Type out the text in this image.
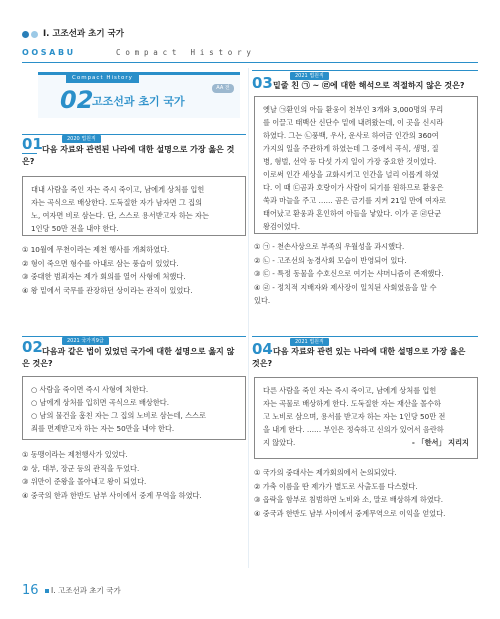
Ⅰ. 고조선과 초기 국가
OOSABU	Compact History
Compact History
02
고조선과 초기 국가
AA 전
01	2020 법원직
다음 자료와 관련된 나라에 대한 설명으로 가장 옳은 것
은?
대내 사람을 죽인 자는 즉시 죽이고, 남에게 상처를 입힌
자는 곡식으로 배상한다. 도둑질한 자가 남자면 그 집의
노, 여자면 비로 삼는다. 단, 스스로 용서받고자 하는 자는
1인당 50만 전을 내야 한다.
① 10월에 무천이라는 제천 행사를 개최하였다.
② 형이 죽으면 형수를 아내로 삼는 풍습이 있었다.
③ 중대한 범죄자는 제가 회의를 열어 사형에 처했다.
④ 왕 밑에서 국무를 관장하던 상이라는 관직이 있었다.
02	2021 국가직9급
다음과 같은 법이 있었던 국가에 대한 설명으로 옳지 않
은 것은?
○ 사람을 죽이면 즉시 사형에 처한다.
○ 남에게 상처를 입히면 곡식으로 배상한다.
○ 남의 물건을 훔친 자는 그 집의 노비로 삼는데, 스스로
죄를 면제받고자 하는 자는 50만을 내야 한다.
① 동맹이라는 제천행사가 있었다.
② 상, 대부, 장군 등의 관직을 두었다.
③ 위만이 준왕을 몰아내고 왕이 되었다.
④ 중국의 한과 한반도 남부 사이에서 중계 무역을 하였다.
03	2021 법원직
밑줄 친 ㉠ ~ ㉣에 대한 해석으로 적절하지 않은 것은?
옛날 ㉠환인의 아들 환웅이 천부인 3개와 3,000명의 무리
를 이끌고 태백산 신단수 밑에 내려왔는데, 이 곳을 신시라
하였다. 그는 ㉡풍백, 우사, 운사로 하여금 인간의 360여
가지의 일을 주관하게 하였는데 그 중에서 곡식, 생명, 질
병, 형벌, 선악 등 다섯 가지 일이 가장 중요한 것이었다.
이로써 인간 세상을 교화시키고 인간을 널리 이롭게 하였
다. 이 때 ㉢곰과 호랑이가 사람이 되기를 원하므로 환웅은
쑥과 마늘을 주고 …… 곰은 금기를 지켜 21일 만에 여자로
태어났고 환웅과 혼인하여 아들을 낳았다. 이가 곧 ㉣단군
왕검이었다.
① ㉠ - 천손사상으로 부족의 우월성을 과시했다.
② ㉡ - 고조선의 농경사회 모습이 반영되어 있다.
③ ㉢ - 특정 동물을 수호신으로 여기는 샤머니즘이 존재했다.
④ ㉣ - 정치적 지배자와 제사장이 일치된 사회였음을 알 수
있다.
04	2021 법원직
다음 자료와 관련 있는 나라에 대한 설명으로 가장 옳은
것은?
다른 사람을 죽인 자는 즉시 죽이고, 남에게 상처를 입힌
자는 곡물로 배상하게 한다. 도둑질한 자는 재산을 몰수하
고 노비로 삼으며, 용서를 받고자 하는 자는 1인당 50만 전
을 내게 한다. …… 부인은 정숙하고 신의가 있어서 음란하
지 않았다.	- 「한서」 지리지
① 국가의 중대사는 제가회의에서 논의되었다.
② 가축 이름을 딴 제가가 별도로 사출도를 다스렸다.
③ 읍락을 함부로 침범하면 노비와 소, 말로 배상하게 하였다.
④ 중국과 한반도 남부 사이에서 중계무역으로 이익을 얻었다.
16 Ⅰ. 고조선과 초기 국가
